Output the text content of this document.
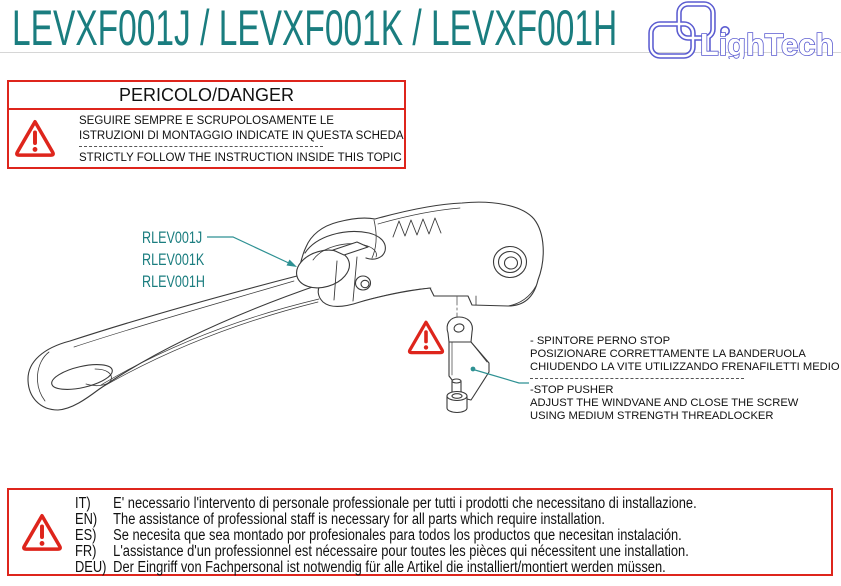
LEVXF001J / LEVXF001K / LEVXF001H	LighTech
PERICOLO/DANGER
SEGUIRE SEMPRE E SCRUPOLOSAMENTE LE
ISTRUZIONI DI MONTAGGIO INDICATE IN QUESTA SCHEDA
STRICTLY FOLLOW THE INSTRUCTION INSIDE THIS TOPIC
RLEV001J
RLEV001K
RLEV001H
- SPINTORE PERNO STOP
POSIZIONARE CORRETTAMENTE LA BANDERUOLA
CHIUDENDO LA VITE UTILIZZANDO FRENAFILETTI MEDIO
-STOP PUSHER
ADJUST THE WINDVANE AND CLOSE THE SCREW
USING MEDIUM STRENGTH THREADLOCKER
IT)	E' necessario l'intervento di personale professionale per tutti i prodotti che necessitano di installazione.
EN)	The assistance of professional staff is necessary for all parts which require installation.
ES)	Se necesita que sea montado por profesionales para todos los productos que necesitan instalación.
FR)	L'assistance d'un professionnel est nécessaire pour toutes les pièces qui nécessitent une installation.
DEU) Der Eingriff von Fachpersonal ist notwendig für alle Artikel die installiert/montiert werden müssen.
